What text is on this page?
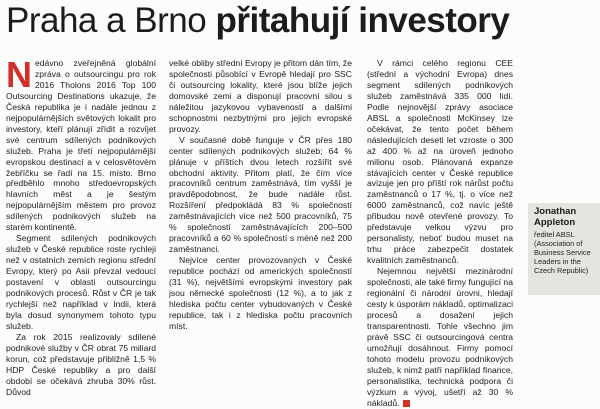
Praha a Brno přitahují investory

Nedávno zveřejněná globální zpráva o outsourcingu pro rok 2016 Tholons 2016 Top 100 Outsourcing Destinations ukazuje, že Česká republika je i nadále jednou z nejpopulárnějších světových lokalit pro investory, kteří plánují zřídit a rozvíjet své centrum sdílených podnikových služeb. Praha je třetí nejpopulárnější evropskou destinací a v celosvětovém žebříčku se řadí na 15. místo. Brno předběhlo mnoho středoevropských hlavních měst a je šestým nejpopulárnějším městem pro provoz sdílených podnikových služeb na starém kontinentě.

Segment sdílených podnikových služeb v České republice roste rychleji než v ostatních zemích regionu střední Evropy, který po Asii převzal vedoucí postavení v oblasti outsourcingu podnikových procesů. Růst v ČR je tak rychlejší než například v Indii, která byla dosud synonymem tohoto typu služeb.

Za rok 2015 realizovaly sdílené podnikové služby v ČR obrat 75 miliard korun, což představuje přibližně 1,5 % HDP České republiky a pro další období se očekává zhruba 30% růst. Důvod

velké obliby střední Evropy je přitom dán tím, že společnosti působící v Evropě hledají pro SSC či outsourcing lokality, které jsou blíže jejich domovské zemi a disponují pracovní silou s náležitou jazykovou vybaveností a dalšími schopnostmi nezbytnými pro jejich evropské provozy.

V současné době funguje v ČR přes 180 center sdílených podnikových služeb; 64 % plánuje v příštích dvou letech rozšířit své obchodní aktivity. Přitom platí, že čím více pracovníků centrum zaměstnává, tím vyšší je pravděpodobnost, že bude nadále růst. Rozšíření předpokládá 83 % společností zaměstnávajících více než 500 pracovníků, 75 % společností zaměstnávajících 200–500 pracovníků a 60 % společností s méně než 200 zaměstnanci.

Nejvíce center provozovaných v České republice pochází od amerických společností (31 %), největšími evropskými investory pak jsou německé společnosti (12 %), a to jak z hlediska počtu center vybudovaných v České republice, tak i z hlediska počtu pracovních míst.

V rámci celého regionu CEE (střední a východní Evropa) dnes segment sdílených podnikových služeb zaměstnává 335 000 lidí. Podle nejnovější zprávy asociace ABSL a společnosti McKinsey lze očekávat, že tento počet během následujících deseti let vzroste o 300 až 400 % až na úroveň jednoho milionu osob. Plánovaná expanze stávajících center v České republice avizuje jen pro příští rok nárůst počtu zaměstnanců o 17 %, tj. o více než 6000 zaměstnanců, což navíc ještě přibudou nově otevřené provozy. To představuje velkou výzvu pro personalisty, neboť budou muset na trhu práce zabezpečit dostatek kvalitních zaměstnanců.

Nejemnou největší mezinárodní společnosti, ale také firmy fungující na regionální či národní úrovni, hledají cesty k úsporám nákladů, optimalizaci procesů a dosažení jejich transparentnosti. Tohle všechno jim právě SSC či outsourcingová centra umožňují dosáhnout. Firmy pomocí tohoto modelu provozu podnikových služeb, k nimž patří například finance, personalistika, technická podpora či výzkum a vývoj, ušetří až 30 % nákladů.

Jonathan Appleton
ředitel ABSL (Association of Business Service Leaders in the Czech Republic)
